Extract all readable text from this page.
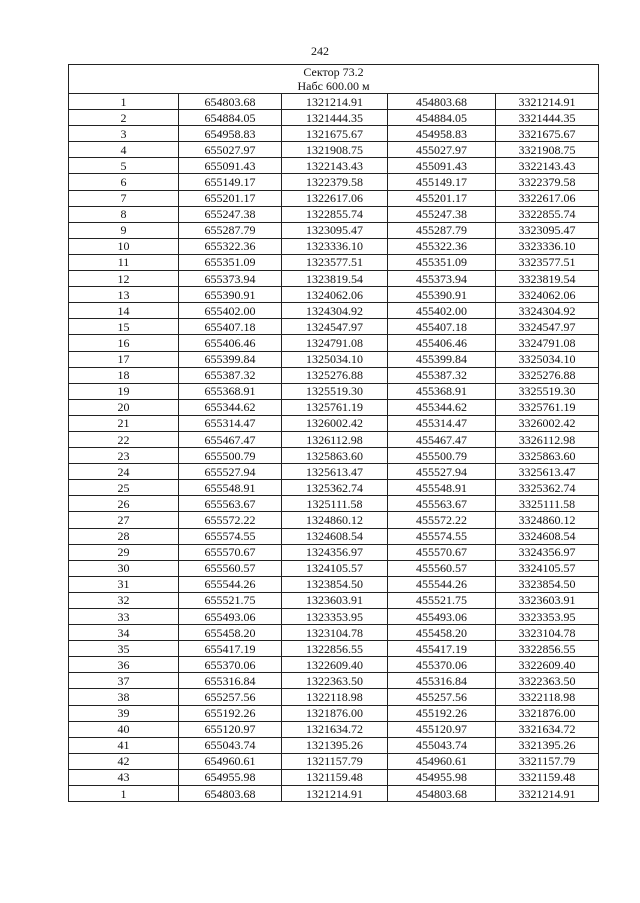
242
Сектор 73.2
Набс 600.00 м				

1	654803.68	1321214.91	454803.68	3321214.91
2	654884.05	1321444.35	454884.05	3321444.35
3	654958.83	1321675.67	454958.83	3321675.67
4	655027.97	1321908.75	455027.97	3321908.75
5	655091.43	1322143.43	455091.43	3322143.43
6	655149.17	1322379.58	455149.17	3322379.58
7	655201.17	1322617.06	455201.17	3322617.06
8	655247.38	1322855.74	455247.38	3322855.74
9	655287.79	1323095.47	455287.79	3323095.47
10	655322.36	1323336.10	455322.36	3323336.10
11	655351.09	1323577.51	455351.09	3323577.51
12	655373.94	1323819.54	455373.94	3323819.54
13	655390.91	1324062.06	455390.91	3324062.06
14	655402.00	1324304.92	455402.00	3324304.92
15	655407.18	1324547.97	455407.18	3324547.97
16	655406.46	1324791.08	455406.46	3324791.08
17	655399.84	1325034.10	455399.84	3325034.10
18	655387.32	1325276.88	455387.32	3325276.88
19	655368.91	1325519.30	455368.91	3325519.30
20	655344.62	1325761.19	455344.62	3325761.19
21	655314.47	1326002.42	455314.47	3326002.42
22	655467.47	1326112.98	455467.47	3326112.98
23	655500.79	1325863.60	455500.79	3325863.60
24	655527.94	1325613.47	455527.94	3325613.47
25	655548.91	1325362.74	455548.91	3325362.74
26	655563.67	1325111.58	455563.67	3325111.58
27	655572.22	1324860.12	455572.22	3324860.12
28	655574.55	1324608.54	455574.55	3324608.54
29	655570.67	1324356.97	455570.67	3324356.97
30	655560.57	1324105.57	455560.57	3324105.57
31	655544.26	1323854.50	455544.26	3323854.50
32	655521.75	1323603.91	455521.75	3323603.91
33	655493.06	1323353.95	455493.06	3323353.95
34	655458.20	1323104.78	455458.20	3323104.78
35	655417.19	1322856.55	455417.19	3322856.55
36	655370.06	1322609.40	455370.06	3322609.40
37	655316.84	1322363.50	455316.84	3322363.50
38	655257.56	1322118.98	455257.56	3322118.98
39	655192.26	1321876.00	455192.26	3321876.00
40	655120.97	1321634.72	455120.97	3321634.72
41	655043.74	1321395.26	455043.74	3321395.26
42	654960.61	1321157.79	454960.61	3321157.79
43	654955.98	1321159.48	454955.98	3321159.48
1	654803.68	1321214.91	454803.68	3321214.91
